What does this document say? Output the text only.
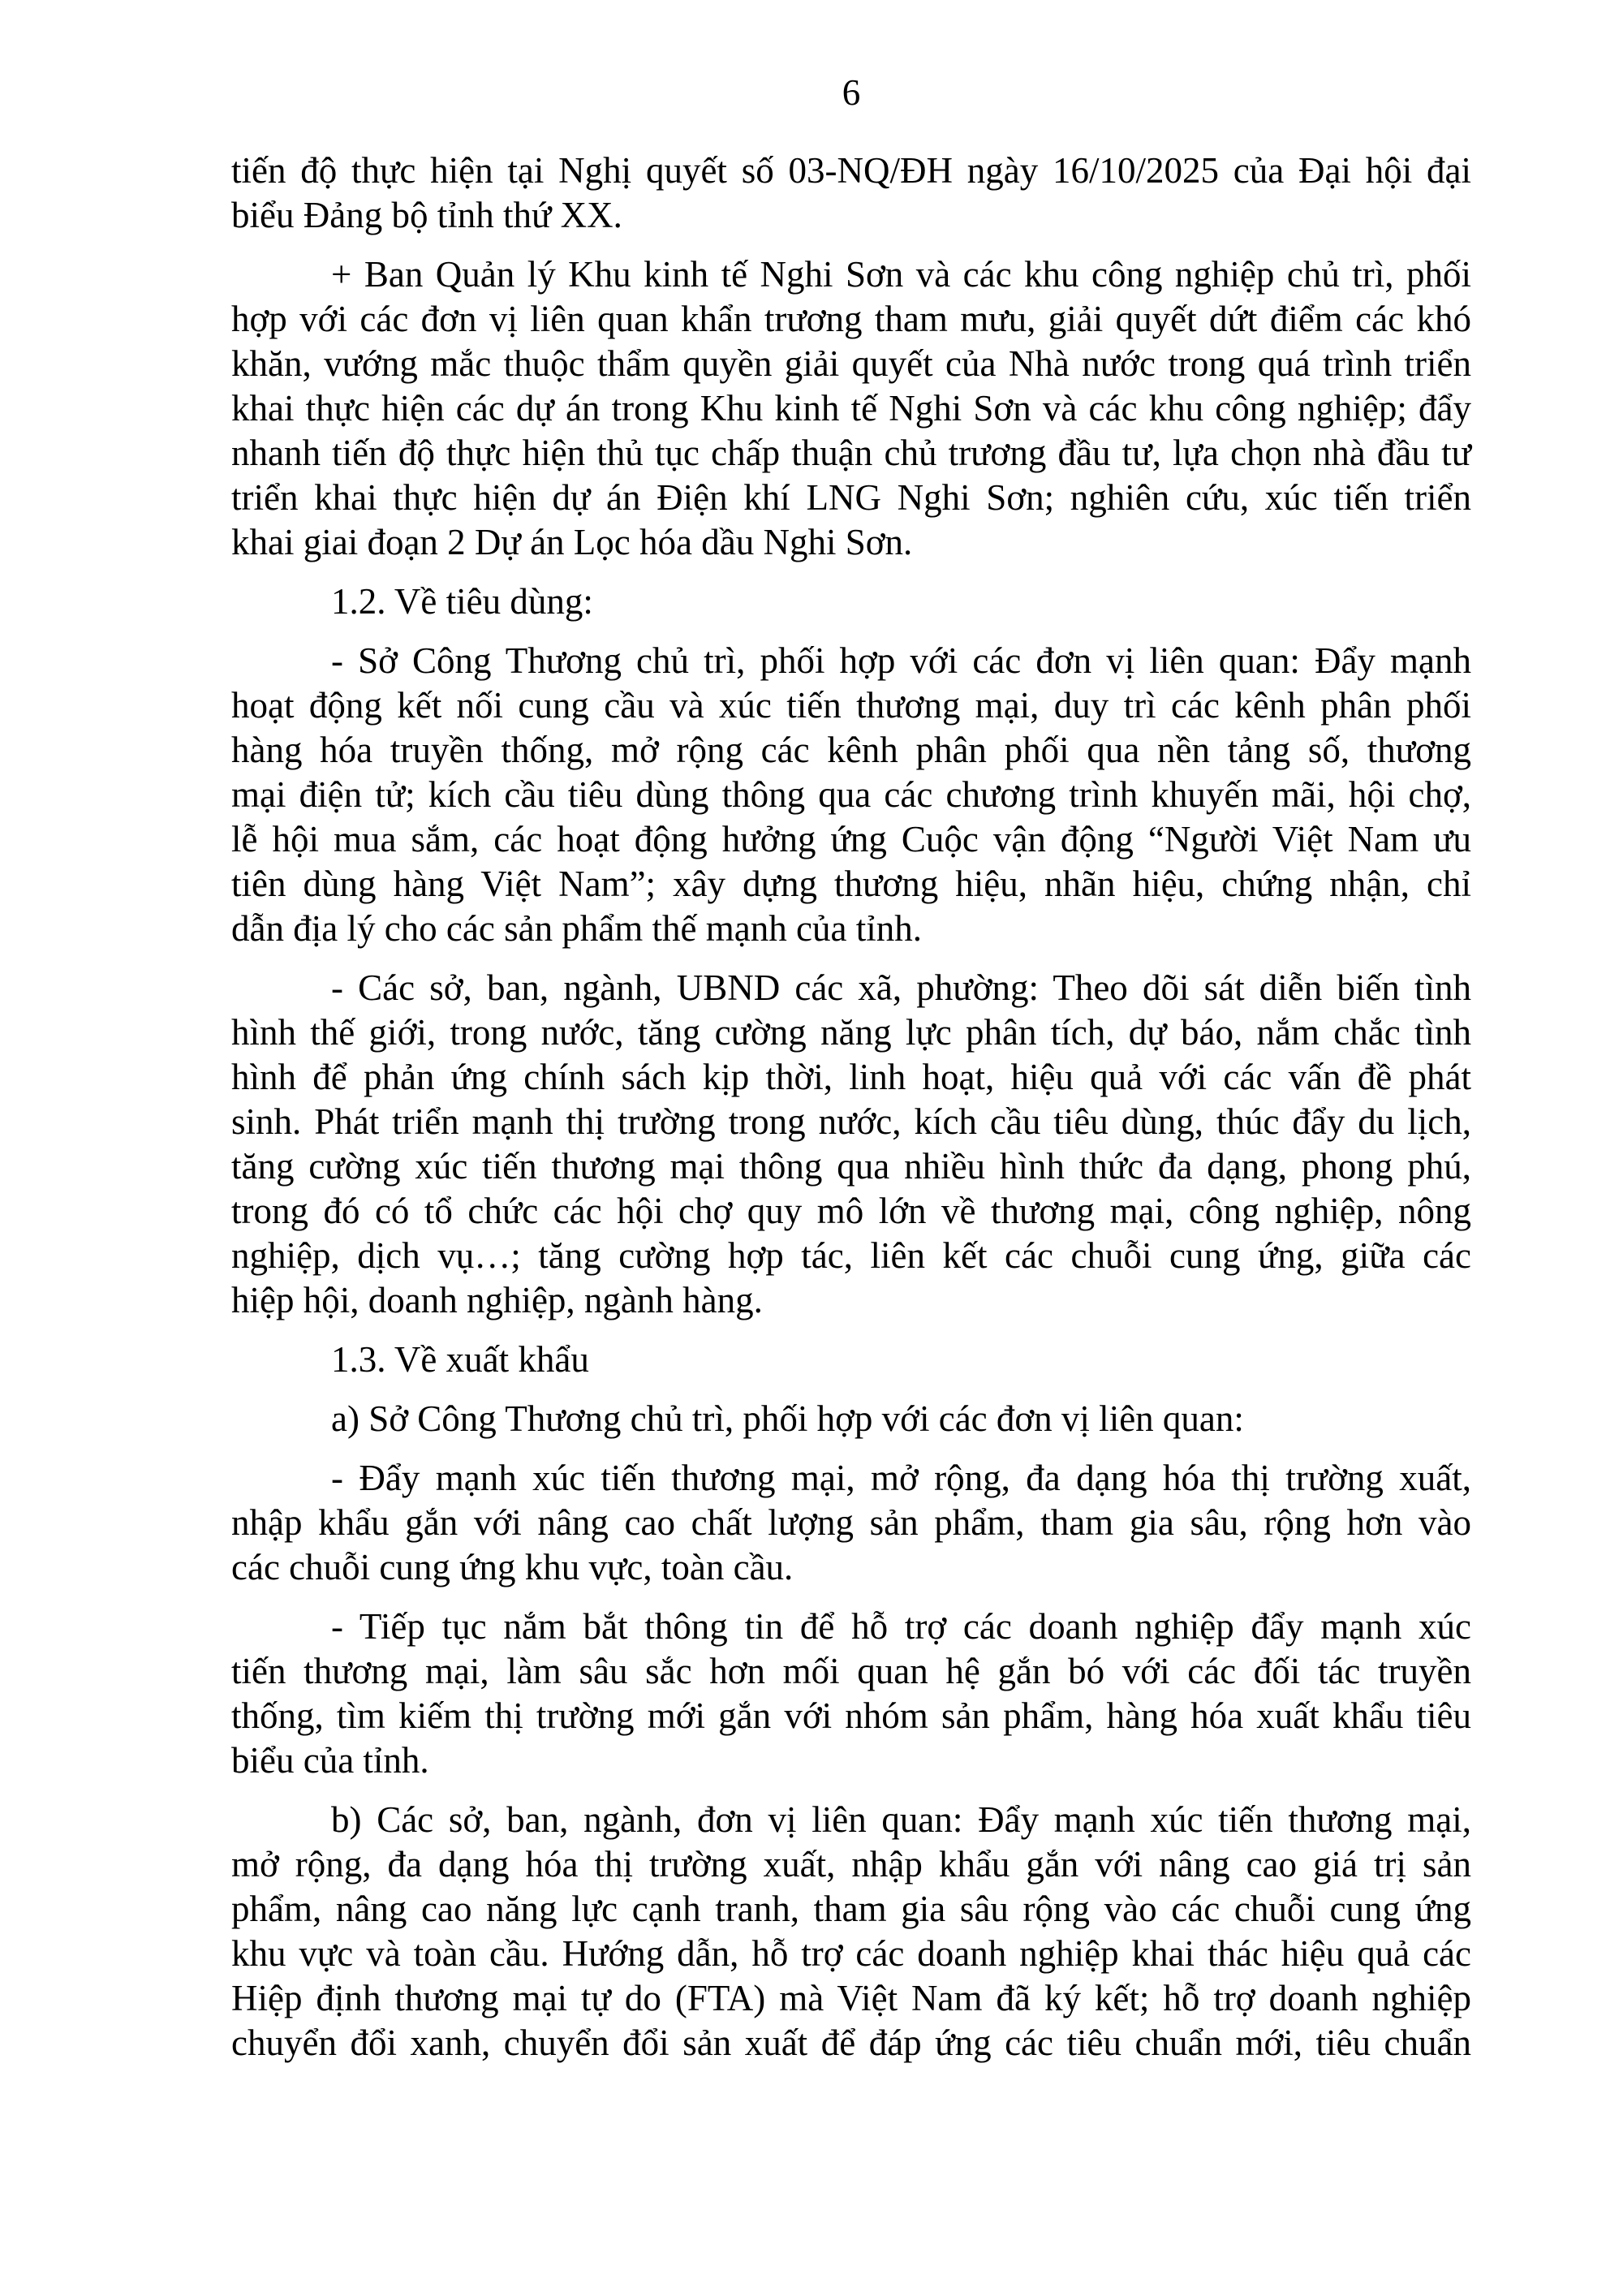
6
tiến độ thực hiện tại Nghị quyết số 03-NQ/ĐH ngày 16/10/2025 của Đại hội đại
biểu Đảng bộ tỉnh thứ XX.
+ Ban Quản lý Khu kinh tế Nghi Sơn và các khu công nghiệp chủ trì, phối
hợp với các đơn vị liên quan khẩn trương tham mưu, giải quyết dứt điểm các khó
khăn, vướng mắc thuộc thẩm quyền giải quyết của Nhà nước trong quá trình triển
khai thực hiện các dự án trong Khu kinh tế Nghi Sơn và các khu công nghiệp; đẩy
nhanh tiến độ thực hiện thủ tục chấp thuận chủ trương đầu tư, lựa chọn nhà đầu tư
triển khai thực hiện dự án Điện khí LNG Nghi Sơn; nghiên cứu, xúc tiến triển
khai giai đoạn 2 Dự án Lọc hóa dầu Nghi Sơn.
1.2. Về tiêu dùng:
- Sở Công Thương chủ trì, phối hợp với các đơn vị liên quan: Đẩy mạnh
hoạt động kết nối cung cầu và xúc tiến thương mại, duy trì các kênh phân phối
hàng hóa truyền thống, mở rộng các kênh phân phối qua nền tảng số, thương
mại điện tử; kích cầu tiêu dùng thông qua các chương trình khuyến mãi, hội chợ,
lễ hội mua sắm, các hoạt động hưởng ứng Cuộc vận động “Người Việt Nam ưu
tiên dùng hàng Việt Nam”; xây dựng thương hiệu, nhãn hiệu, chứng nhận, chỉ
dẫn địa lý cho các sản phẩm thế mạnh của tỉnh.
- Các sở, ban, ngành, UBND các xã, phường: Theo dõi sát diễn biến tình
hình thế giới, trong nước, tăng cường năng lực phân tích, dự báo, nắm chắc tình
hình để phản ứng chính sách kịp thời, linh hoạt, hiệu quả với các vấn đề phát
sinh. Phát triển mạnh thị trường trong nước, kích cầu tiêu dùng, thúc đẩy du lịch,
tăng cường xúc tiến thương mại thông qua nhiều hình thức đa dạng, phong phú,
trong đó có tổ chức các hội chợ quy mô lớn về thương mại, công nghiệp, nông
nghiệp, dịch vụ…; tăng cường hợp tác, liên kết các chuỗi cung ứng, giữa các
hiệp hội, doanh nghiệp, ngành hàng.
1.3. Về xuất khẩu
a) Sở Công Thương chủ trì, phối hợp với các đơn vị liên quan:
- Đẩy mạnh xúc tiến thương mại, mở rộng, đa dạng hóa thị trường xuất,
nhập khẩu gắn với nâng cao chất lượng sản phẩm, tham gia sâu, rộng hơn vào
các chuỗi cung ứng khu vực, toàn cầu.
- Tiếp tục nắm bắt thông tin để hỗ trợ các doanh nghiệp đẩy mạnh xúc
tiến thương mại, làm sâu sắc hơn mối quan hệ gắn bó với các đối tác truyền
thống, tìm kiếm thị trường mới gắn với nhóm sản phẩm, hàng hóa xuất khẩu tiêu
biểu của tỉnh.
b) Các sở, ban, ngành, đơn vị liên quan: Đẩy mạnh xúc tiến thương mại,
mở rộng, đa dạng hóa thị trường xuất, nhập khẩu gắn với nâng cao giá trị sản
phẩm, nâng cao năng lực cạnh tranh, tham gia sâu rộng vào các chuỗi cung ứng
khu vực và toàn cầu. Hướng dẫn, hỗ trợ các doanh nghiệp khai thác hiệu quả các
Hiệp định thương mại tự do (FTA) mà Việt Nam đã ký kết; hỗ trợ doanh nghiệp
chuyển đổi xanh, chuyển đổi sản xuất để đáp ứng các tiêu chuẩn mới, tiêu chuẩn
